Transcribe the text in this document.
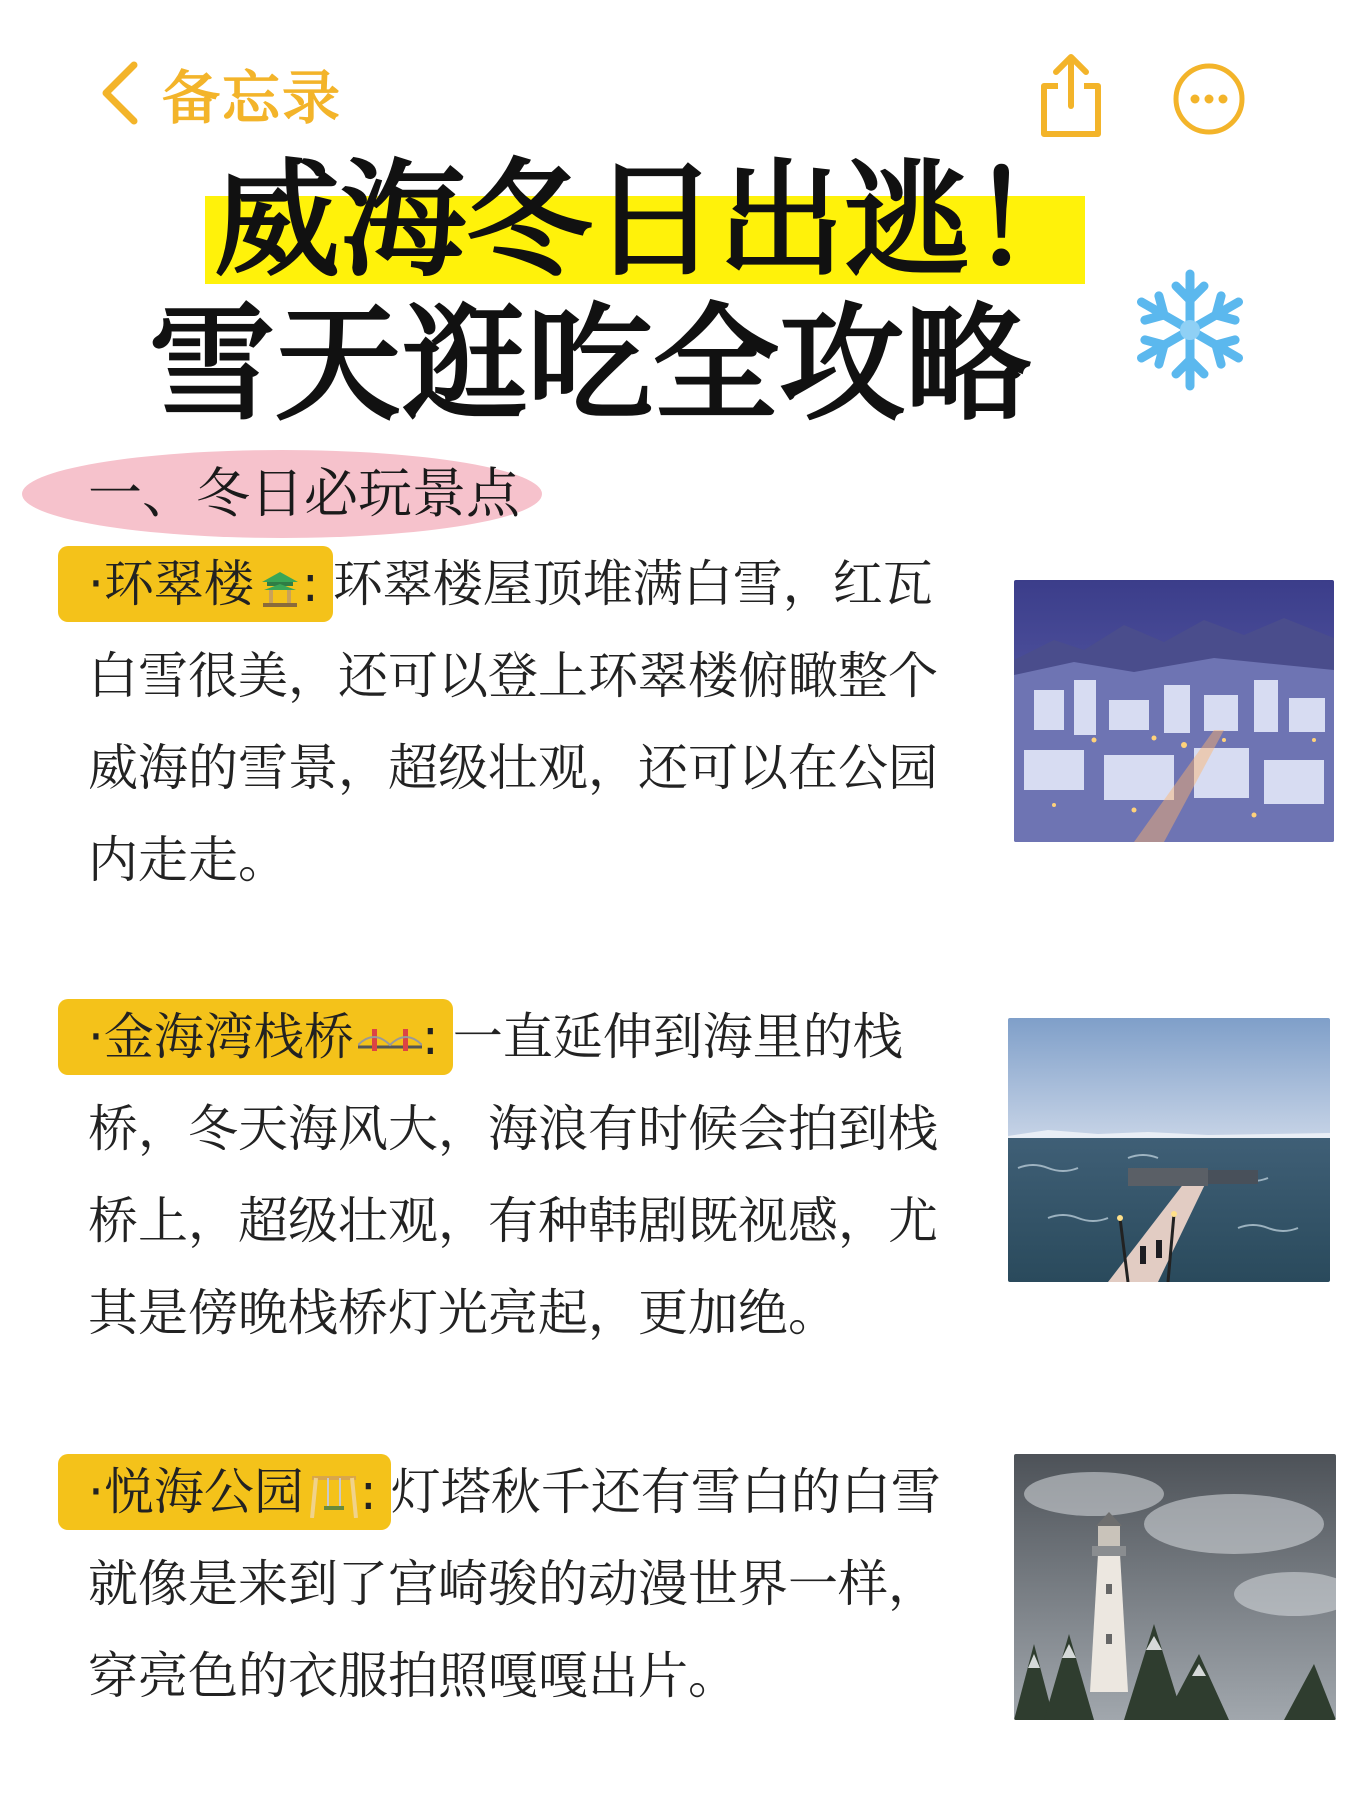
备忘录
威海冬日出逃！
雪天逛吃全攻略
一、冬日必玩景点
·环翠楼 : 环翠楼屋顶堆满白雪，红瓦白雪很美，还可以登上环翠楼俯瞰整个威海的雪景，超级壮观，还可以在公园内走走。
·金海湾栈桥 : 一直延伸到海里的栈桥，冬天海风大，海浪有时候会拍到栈桥上，超级壮观，有种韩剧既视感，尤其是傍晚栈桥灯光亮起，更加绝。
·悦海公园 : 灯塔秋千还有雪白的白雪就像是来到了宫崎骏的动漫世界一样，穿亮色的衣服拍照嘎嘎出片。
